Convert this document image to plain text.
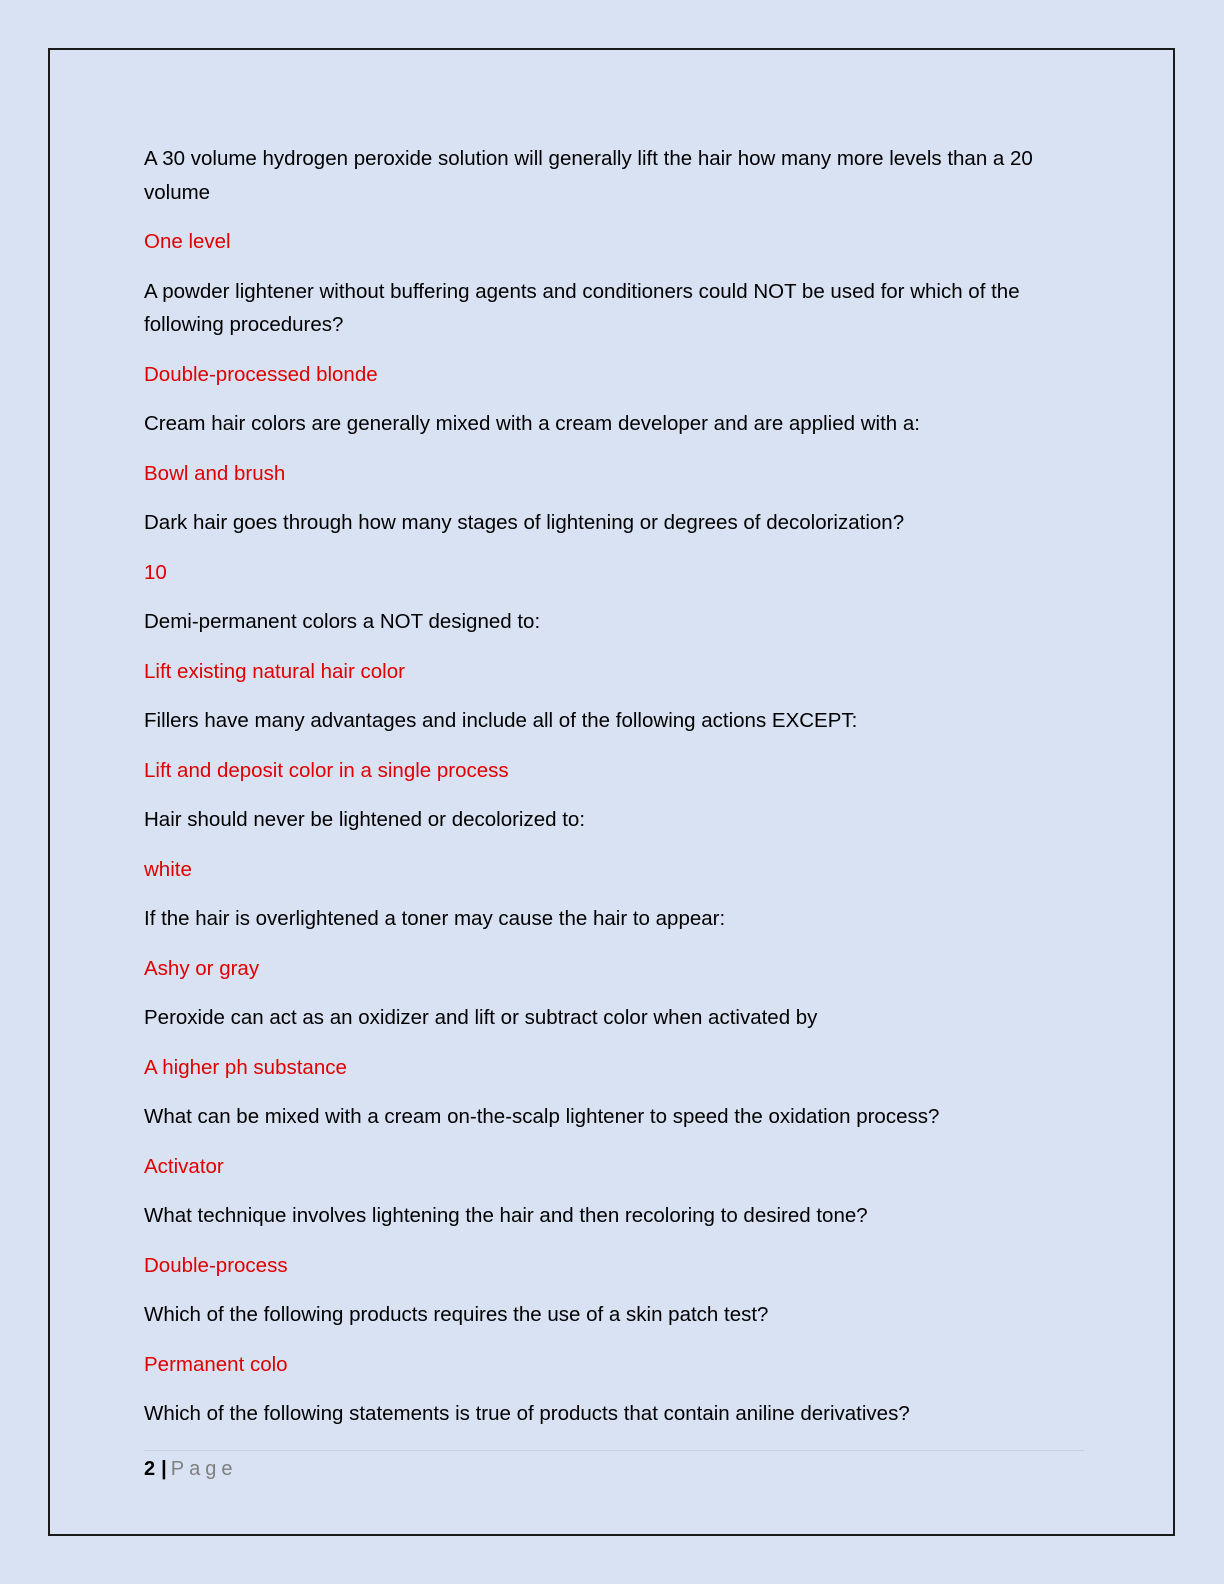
A 30 volume hydrogen peroxide solution will generally lift the hair how many more levels than a 20 volume

One level

A powder lightener without buffering agents and conditioners could NOT be used for which of the following procedures?

Double-processed blonde

Cream hair colors are generally mixed with a cream developer and are applied with a:

Bowl and brush

Dark hair goes through how many stages of lightening or degrees of decolorization?

10

Demi-permanent colors a NOT designed to:

Lift existing natural hair color

Fillers have many advantages and include all of the following actions EXCEPT:

Lift and deposit color in a single process

Hair should never be lightened or decolorized to:

white

If the hair is overlightened a toner may cause the hair to appear:

Ashy or gray

Peroxide can act as an oxidizer and lift or subtract color when activated by

A higher ph substance

What can be mixed with a cream on-the-scalp lightener to speed the oxidation process?

Activator

What technique involves lightening the hair and then recoloring to desired tone?

Double-process

Which of the following products requires the use of a skin patch test?

Permanent colo

Which of the following statements is true of products that contain aniline derivatives?

2 | Page
